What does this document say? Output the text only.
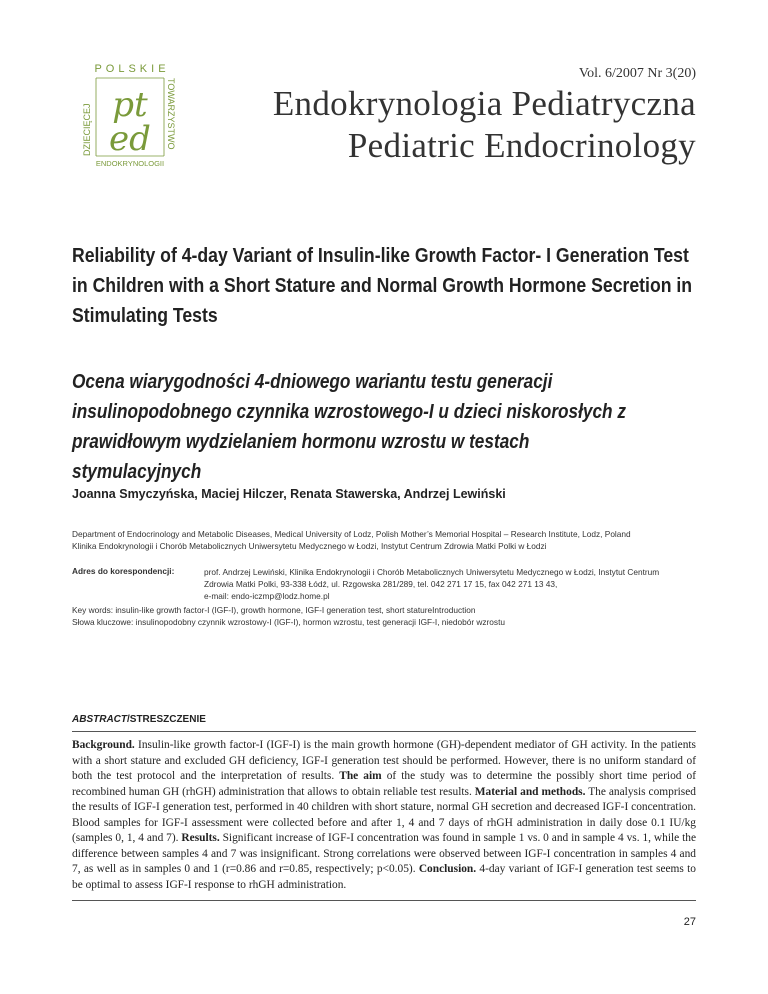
POLSKIE
DZIECIĘCEJ	TOWARZYSTWO
ENDOKRYNOLOGII
pt
ed
Vol. 6/2007 Nr 3(20)
Endokrynologia Pediatryczna
Pediatric Endocrinology
Reliability of 4-day Variant of Insulin-like Growth Factor- I Generation Test in Children with a Short Stature and Normal Growth Hormone Secretion in Stimulating Tests
Ocena wiarygodności 4-dniowego wariantu testu generacji insulinopodobnego czynnika wzrostowego-I u dzieci niskorosłych z prawidłowym wydzielaniem hormonu wzrostu w testach stymulacyjnych
Joanna Smyczyńska, Maciej Hilczer, Renata Stawerska, Andrzej Lewiński
Department of Endocrinology and Metabolic Diseases, Medical University of Lodz, Polish Mother’s Memorial Hospital – Research Institute, Lodz, Poland
Klinika Endokrynologii i Chorób Metabolicznych Uniwersytetu Medycznego w Łodzi, Instytut Centrum Zdrowia Matki Polki w Łodzi
Adres do korespondencji:	prof. Andrzej Lewiński, Klinika Endokrynologii i Chorób Metabolicznych Uniwersytetu Medycznego w Łodzi, Instytut Centrum
Zdrowia Matki Polki, 93-338 Łódź, ul. Rzgowska 281/289, tel. 042 271 17 15, fax 042 271 13 43,
e-mail: endo-iczmp@lodz.home.pl
Key words: insulin-like growth factor-I (IGF-I), growth hormone, IGF-I generation test, short statureIntroduction
Słowa kluczowe: insulinopodobny czynnik wzrostowy-I (IGF-I), hormon wzrostu, test generacji IGF-I, niedobór wzrostu
ABSTRACT/STRESZCZENIE
Background. Insulin-like growth factor-I (IGF-I) is the main growth hormone (GH)-dependent mediator of GH activity. In the patients with a short stature and excluded GH deficiency, IGF-I generation test should be performed. However, there is no uniform standard of both the test protocol and the interpretation of results. The aim of the study was to determine the possibly short time period of recombined human GH (rhGH) administration that allows to obtain reliable test results. Material and methods. The analysis comprised the results of IGF-I generation test, performed in 40 children with short stature, normal GH secretion and decreased IGF-I concentration. Blood samples for IGF-I assessment were collected before and after 1, 4 and 7 days of rhGH administration in daily dose 0.1 IU/kg (samples 0, 1, 4 and 7). Results. Significant increase of IGF-I concentration was found in sample 1 vs. 0 and in sample 4 vs. 1, while the difference between samples 4 and 7 was insignificant. Strong correlations were observed between IGF-I concentration in samples 4 and 7, as well as in samples 0 and 1 (r=0.86 and r=0.85, respectively; p<0.05). Conclusion. 4-day variant of IGF-I generation test seems to be optimal to assess IGF-I response to rhGH administration.
27
